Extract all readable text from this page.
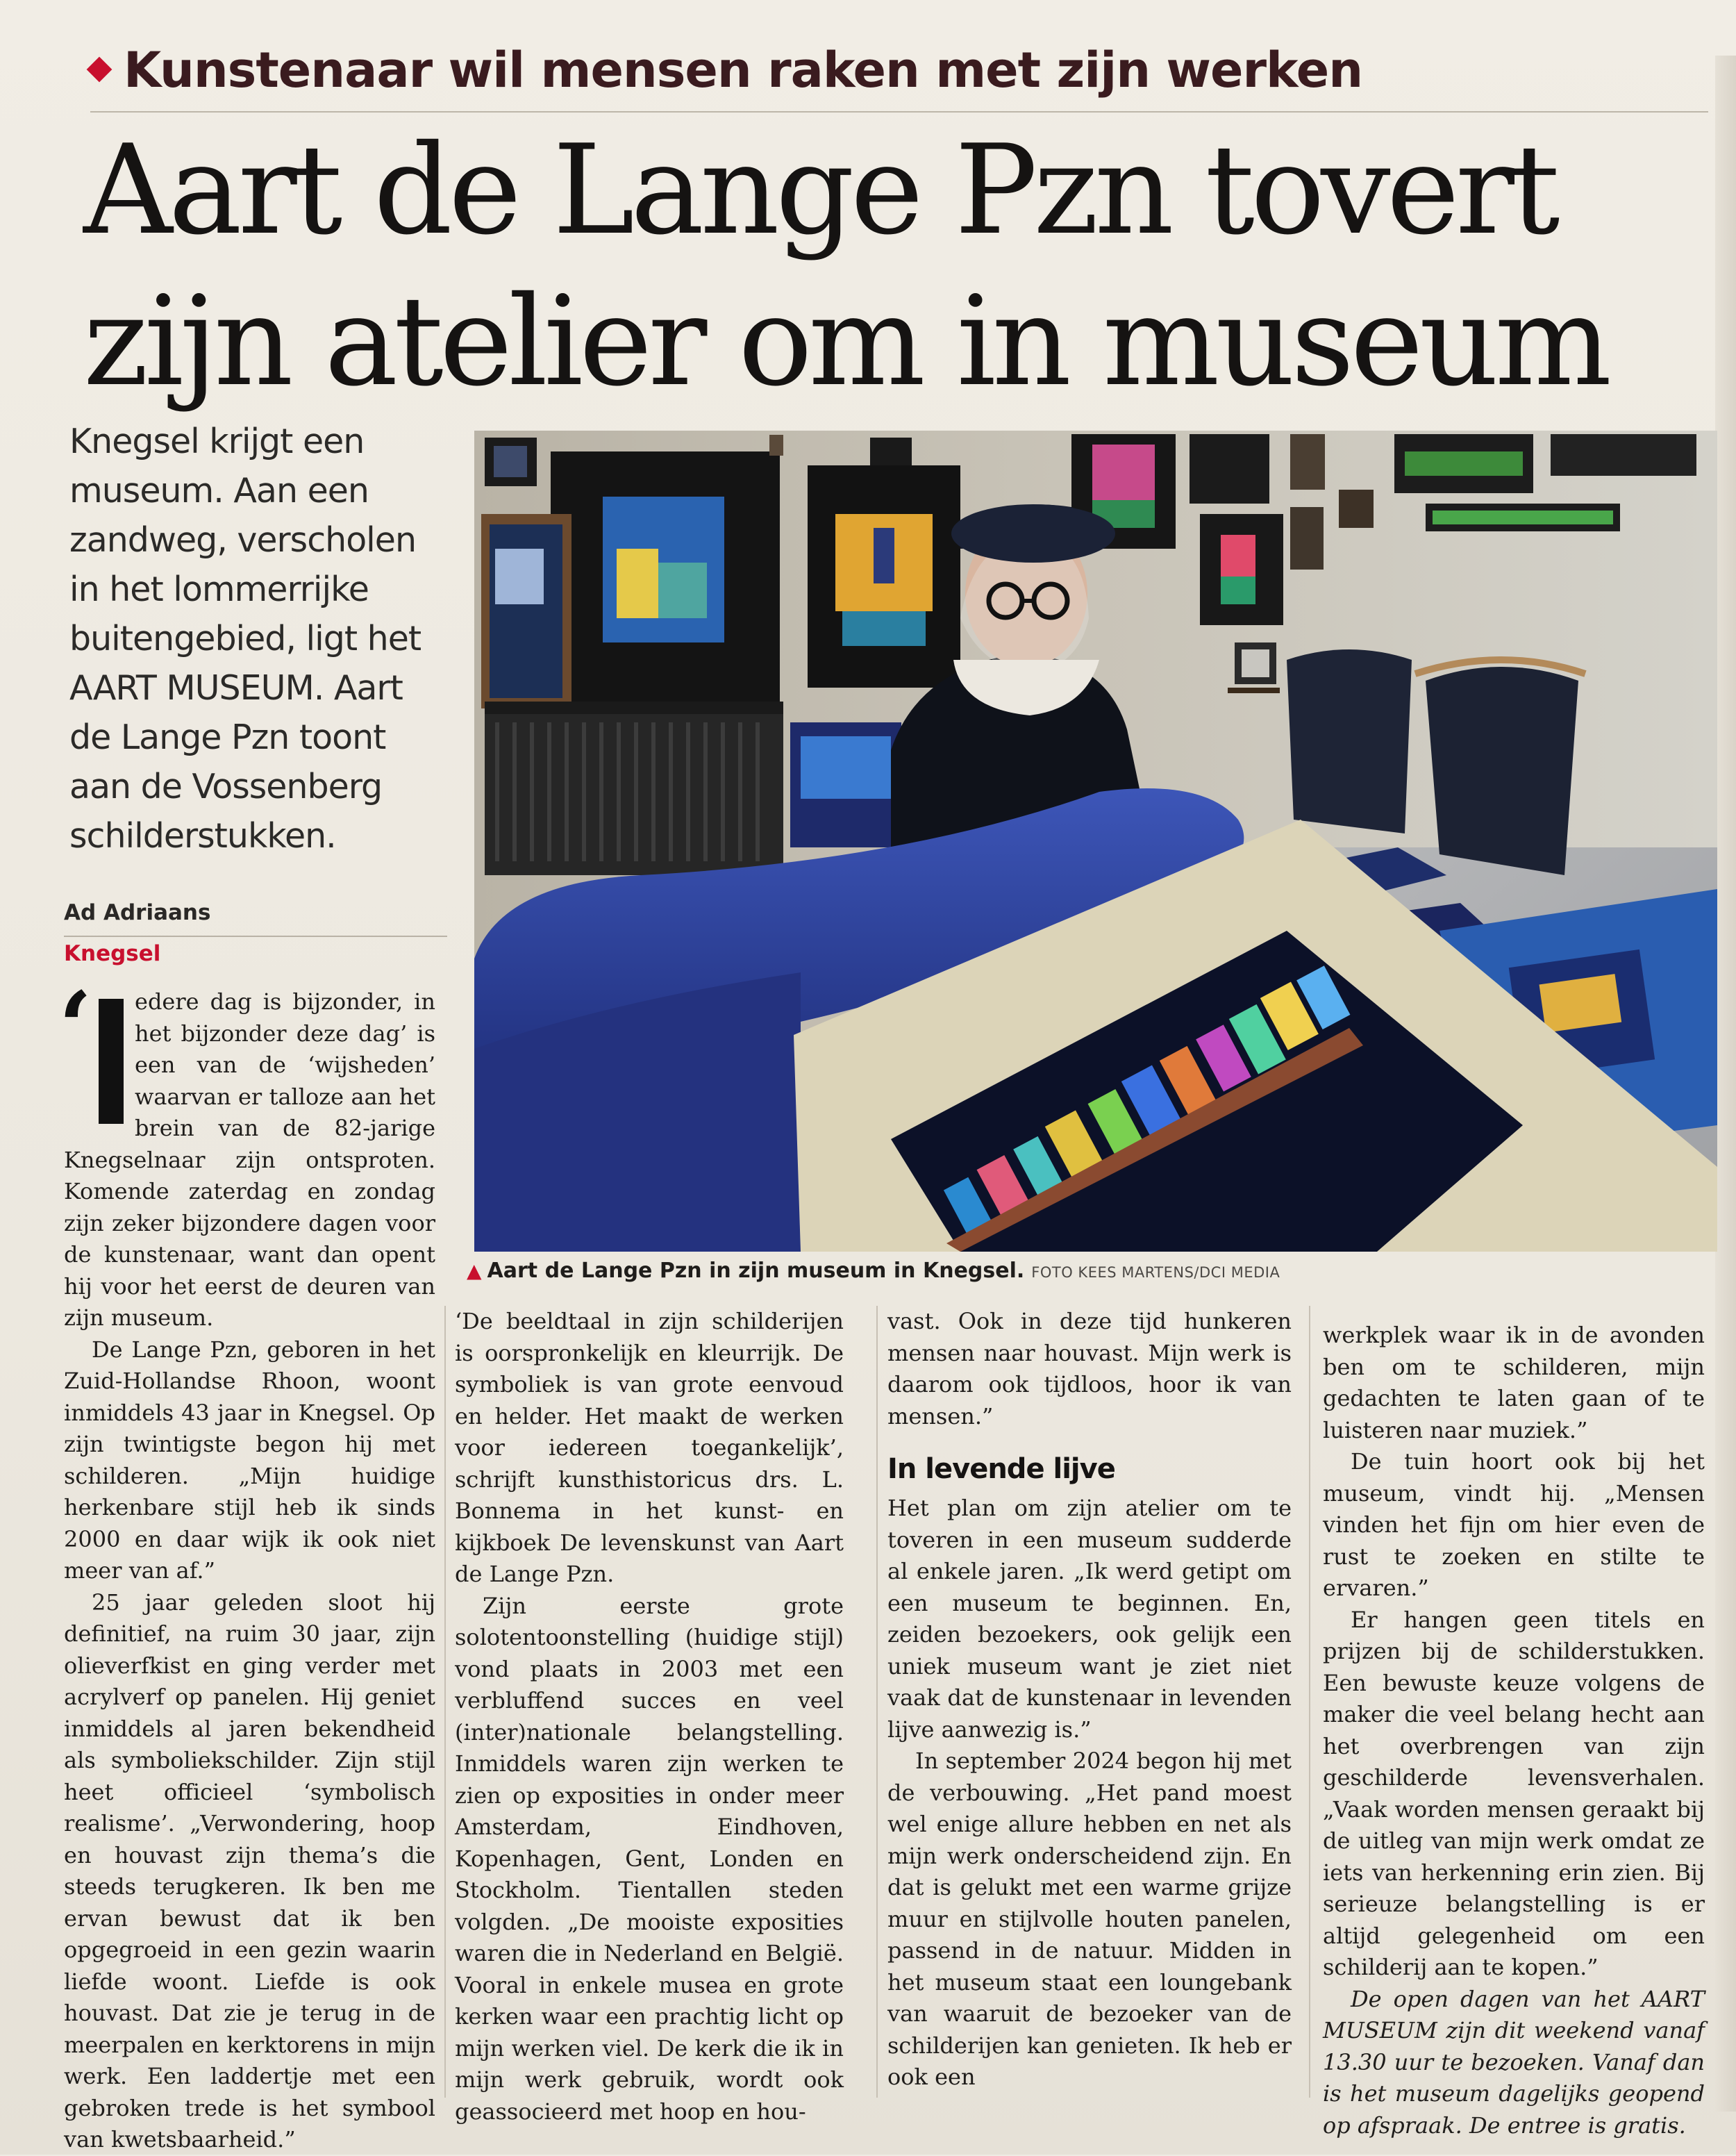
Kunstenaar wil mensen raken met zijn werken
Aart de Lange Pzn tovert
zijn atelier om in museum
Knegsel krijgt een
museum. Aan een
zandweg, verscholen
in het lommerrijke
buitengebied, ligt het
AART MUSEUM. Aart
de Lange Pzn toont
aan de Vossenberg
schilderstukken.
Ad Adriaans
Knegsel
▲ Aart de Lange Pzn in zijn museum in Knegsel. FOTO KEES MARTENS/DCI MEDIA
‘	edere dag is bijzonder, in het bijzonder deze dag’ is een van de ‘wijsheden’ waarvan er talloze aan het brein van de 82-jarige Knegselnaar zijn ontsproten. Komende zaterdag en zondag zijn zeker bijzondere dagen voor de kunstenaar, want dan opent hij voor het eerst de deuren van zijn museum.

De Lange Pzn, geboren in het Zuid-Hollandse Rhoon, woont inmiddels 43 jaar in Knegsel. Op zijn twintigste begon hij met schilderen. „Mijn huidige herkenbare stijl heb ik sinds 2000 en daar wijk ik ook niet meer van af.”

25 jaar geleden sloot hij definitief, na ruim 30 jaar, zijn olieverfkist en ging verder met acrylverf op panelen. Hij geniet inmiddels al jaren bekendheid als symboliekschilder. Zijn stijl heet officieel ‘symbolisch realisme’. „Verwondering, hoop en houvast zijn thema’s die steeds terugkeren. Ik ben me ervan bewust dat ik ben opgegroeid in een gezin waarin liefde woont. Liefde is ook houvast. Dat zie je terug in de meerpalen en kerktorens in mijn werk. Een laddertje met een gebroken trede is het symbool van kwetsbaarheid.”

‘De beeldtaal in zijn schilderijen is oorspronkelijk en kleurrijk. De symboliek is van grote eenvoud en helder. Het maakt de werken voor iedereen toegankelijk’, schrijft kunsthistoricus drs. L. Bonnema in het kunst- en kijkboek De levenskunst van Aart de Lange Pzn.

Zijn eerste grote solotentoonstelling (huidige stijl) vond plaats in 2003 met een verbluffend succes en veel (inter)nationale belangstelling. Inmiddels waren zijn werken te zien op exposities in onder meer Amsterdam, Eindhoven, Kopenhagen, Gent, Londen en Stockholm. Tientallen steden volgden. „De mooiste exposities waren die in Nederland en België. Vooral in enkele musea en grote kerken waar een prachtig licht op mijn werken viel. De kerk die ik in mijn werk gebruik, wordt ook geassocieerd met hoop en hou-

vast. Ook in deze tijd hunkeren mensen naar houvast. Mijn werk is daarom ook tijdloos, hoor ik van mensen.”

In levende lijve

Het plan om zijn atelier om te toveren in een museum sudderde al enkele jaren. „Ik werd getipt om een museum te beginnen. En, zeiden bezoekers, ook gelijk een uniek museum want je ziet niet vaak dat de kunstenaar in levenden lijve aanwezig is.”

In september 2024 begon hij met de verbouwing. „Het pand moest wel enige allure hebben en net als mijn werk onderscheidend zijn. En dat is gelukt met een warme grijze muur en stijlvolle houten panelen, passend in de natuur. Midden in het museum staat een loungebank van waaruit de bezoeker van de schilderijen kan genieten. Ik heb er ook een

werkplek waar ik in de avonden ben om te schilderen, mijn gedachten te laten gaan of te luisteren naar muziek.”

De tuin hoort ook bij het museum, vindt hij. „Mensen vinden het fijn om hier even de rust te zoeken en stilte te ervaren.”

Er hangen geen titels en prijzen bij de schilderstukken. Een bewuste keuze volgens de maker die veel belang hecht aan het overbrengen van zijn geschilderde levensverhalen. „Vaak worden mensen geraakt bij de uitleg van mijn werk omdat ze iets van herkenning erin zien. Bij serieuze belangstelling is er altijd gelegenheid om een schilderij aan te kopen.”

De open dagen van het AART MUSEUM zijn dit weekend vanaf 13.30 uur te bezoeken. Vanaf dan is het museum dagelijks geopend op afspraak. De entree is gratis.
